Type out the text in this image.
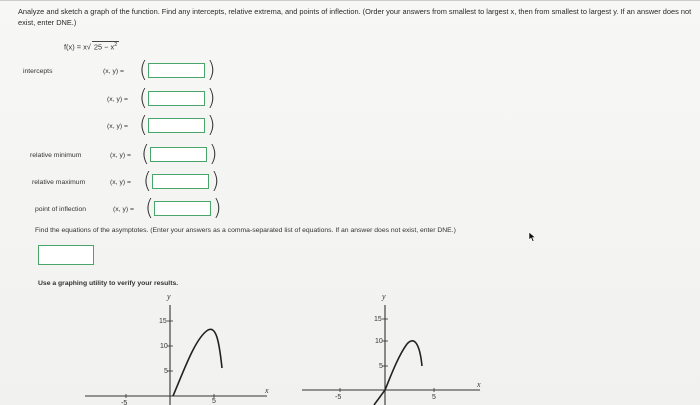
Analyze and sketch a graph of the function. Find any intercepts, relative extrema, and points of inflection. (Order your answers from smallest to largest x, then from smallest to largest y. If an answer does not exist, enter DNE.)
f(x) = x√ $25 - x^2$
intercepts	(x, y) = (	)
(x, y) = (	)
(x, y) = (	)
relative minimum	(x, y) = (	)
relative maximum	(x, y) = (	)
point of inflection	(x, y) = (	)
Find the equations of the asymptotes. (Enter your answers as a comma-separated list of equations. If an answer does not exist, enter DNE.)
Use a graphing utility to verify your results.
y
x
15
10
5
-5	5
y
x
15
10
5
-5	5
